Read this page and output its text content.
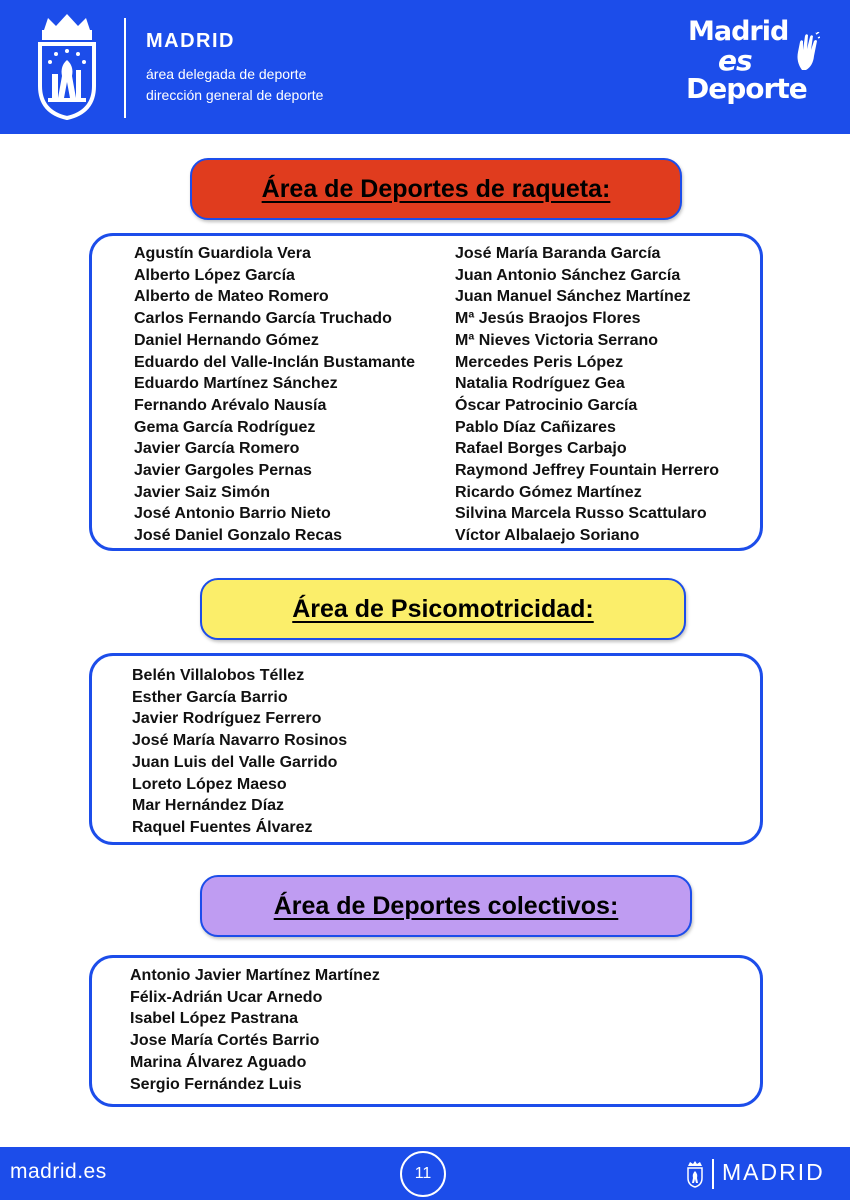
MADRID
área delegada de deporte
dirección general de deporte
Madrid
es
Deporte
Área de Deportes de raqueta:
Agustín Guardiola Vera
Alberto López García
Alberto de Mateo Romero
Carlos Fernando García Truchado
Daniel Hernando Gómez
Eduardo del Valle-Inclán Bustamante
Eduardo Martínez Sánchez
Fernando Arévalo Nausía
Gema García Rodríguez
Javier García Romero
Javier Gargoles Pernas
Javier Saiz Simón
José Antonio Barrio Nieto
José Daniel Gonzalo Recas
José María Baranda García
Juan Antonio Sánchez García
Juan Manuel Sánchez Martínez
Mª Jesús Braojos Flores
Mª Nieves Victoria Serrano
Mercedes Peris López
Natalia Rodríguez Gea
Óscar Patrocinio García
Pablo Díaz Cañizares
Rafael Borges Carbajo
Raymond Jeffrey Fountain Herrero
Ricardo Gómez Martínez
Silvina Marcela Russo Scattularo
Víctor Albalaejo Soriano
Área de Psicomotricidad:
Belén Villalobos Téllez
Esther García Barrio
Javier Rodríguez Ferrero
José María Navarro Rosinos
Juan Luis del Valle Garrido
Loreto López Maeso
Mar Hernández Díaz
Raquel Fuentes Álvarez
Área de Deportes colectivos:
Antonio Javier Martínez Martínez
Félix-Adrián Ucar Arnedo
Isabel López Pastrana
Jose María Cortés Barrio
Marina Álvarez Aguado
Sergio Fernández Luis
madrid.es	11	MADRID
